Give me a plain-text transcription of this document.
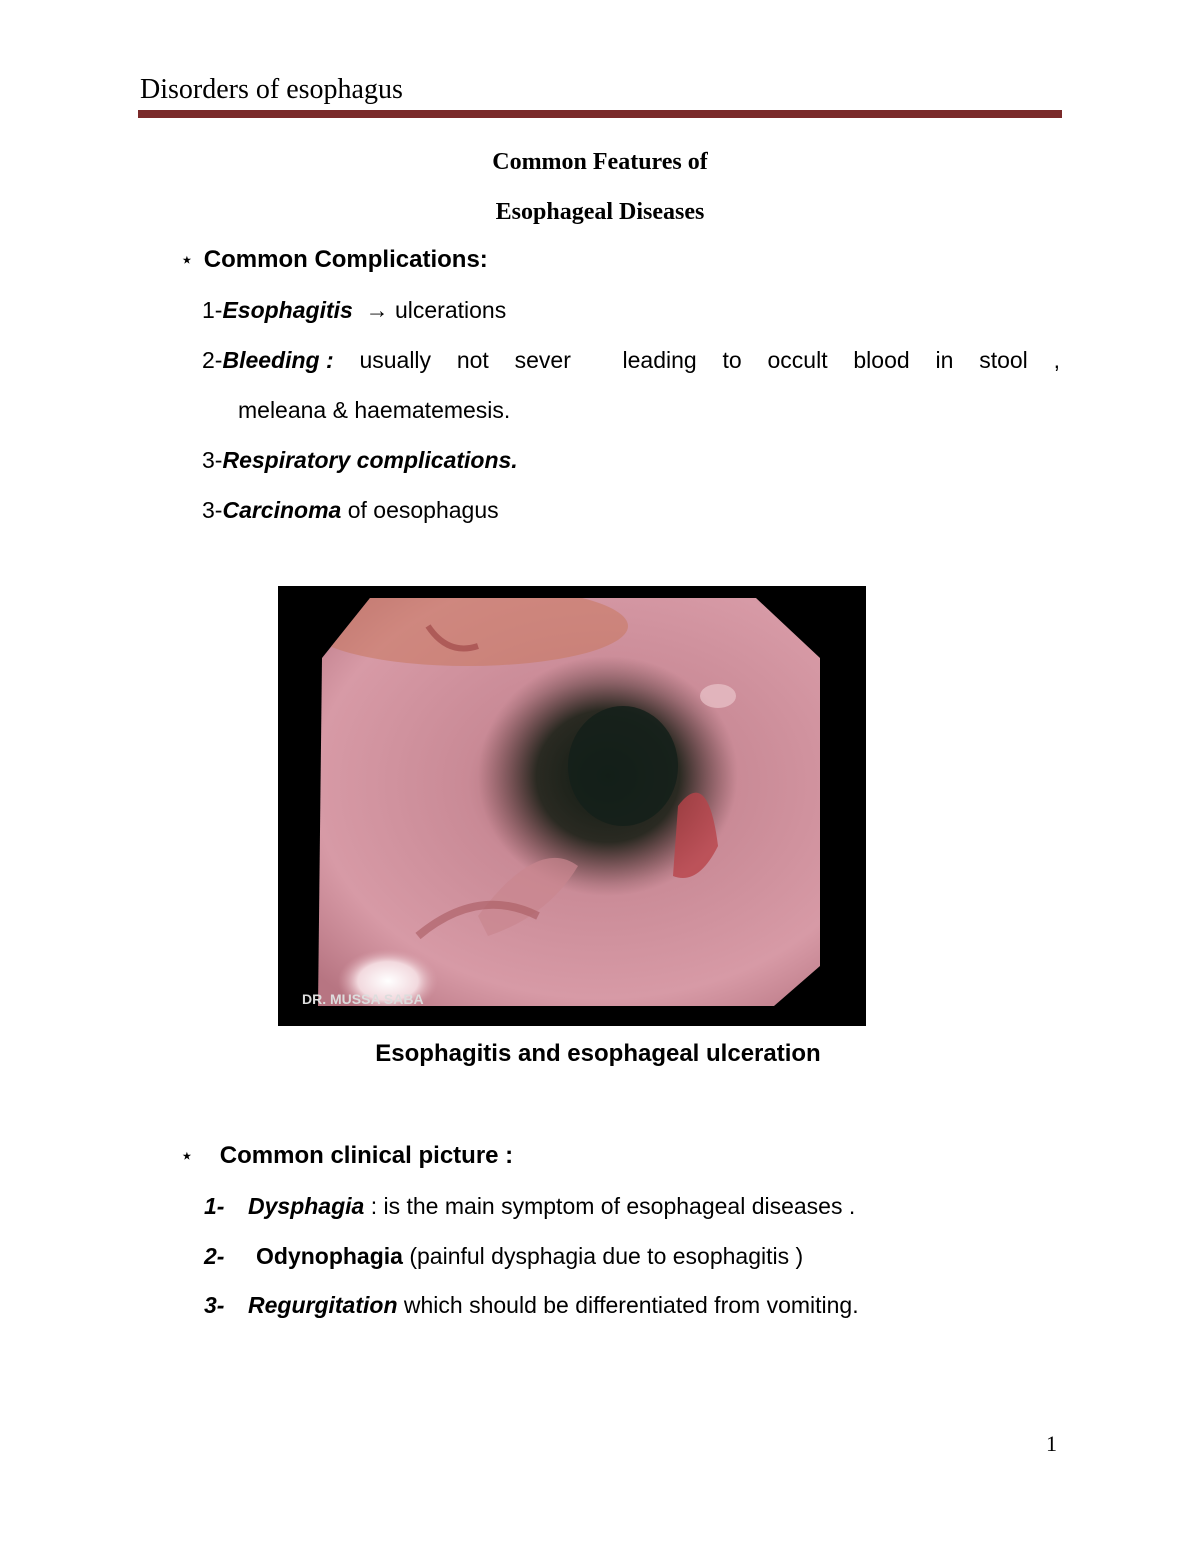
Disorders of esophagus
Common Features of
Esophageal Diseases
⋆ Common Complications:
1-Esophagitis  → ulcerations
2- Bleeding : usually not sever  leading to occult blood in stool ,
meleana & haematemesis.
3-Respiratory complications.
3-Carcinoma of oesophagus
DR. MUSSA SABA
Esophagitis and esophageal ulceration
⋆ Common clinical picture :
1- Dysphagia : is the main symptom of esophageal diseases .
2- Odynophagia (painful dysphagia due to esophagitis )
3- Regurgitation which should be differentiated from vomiting.
1
